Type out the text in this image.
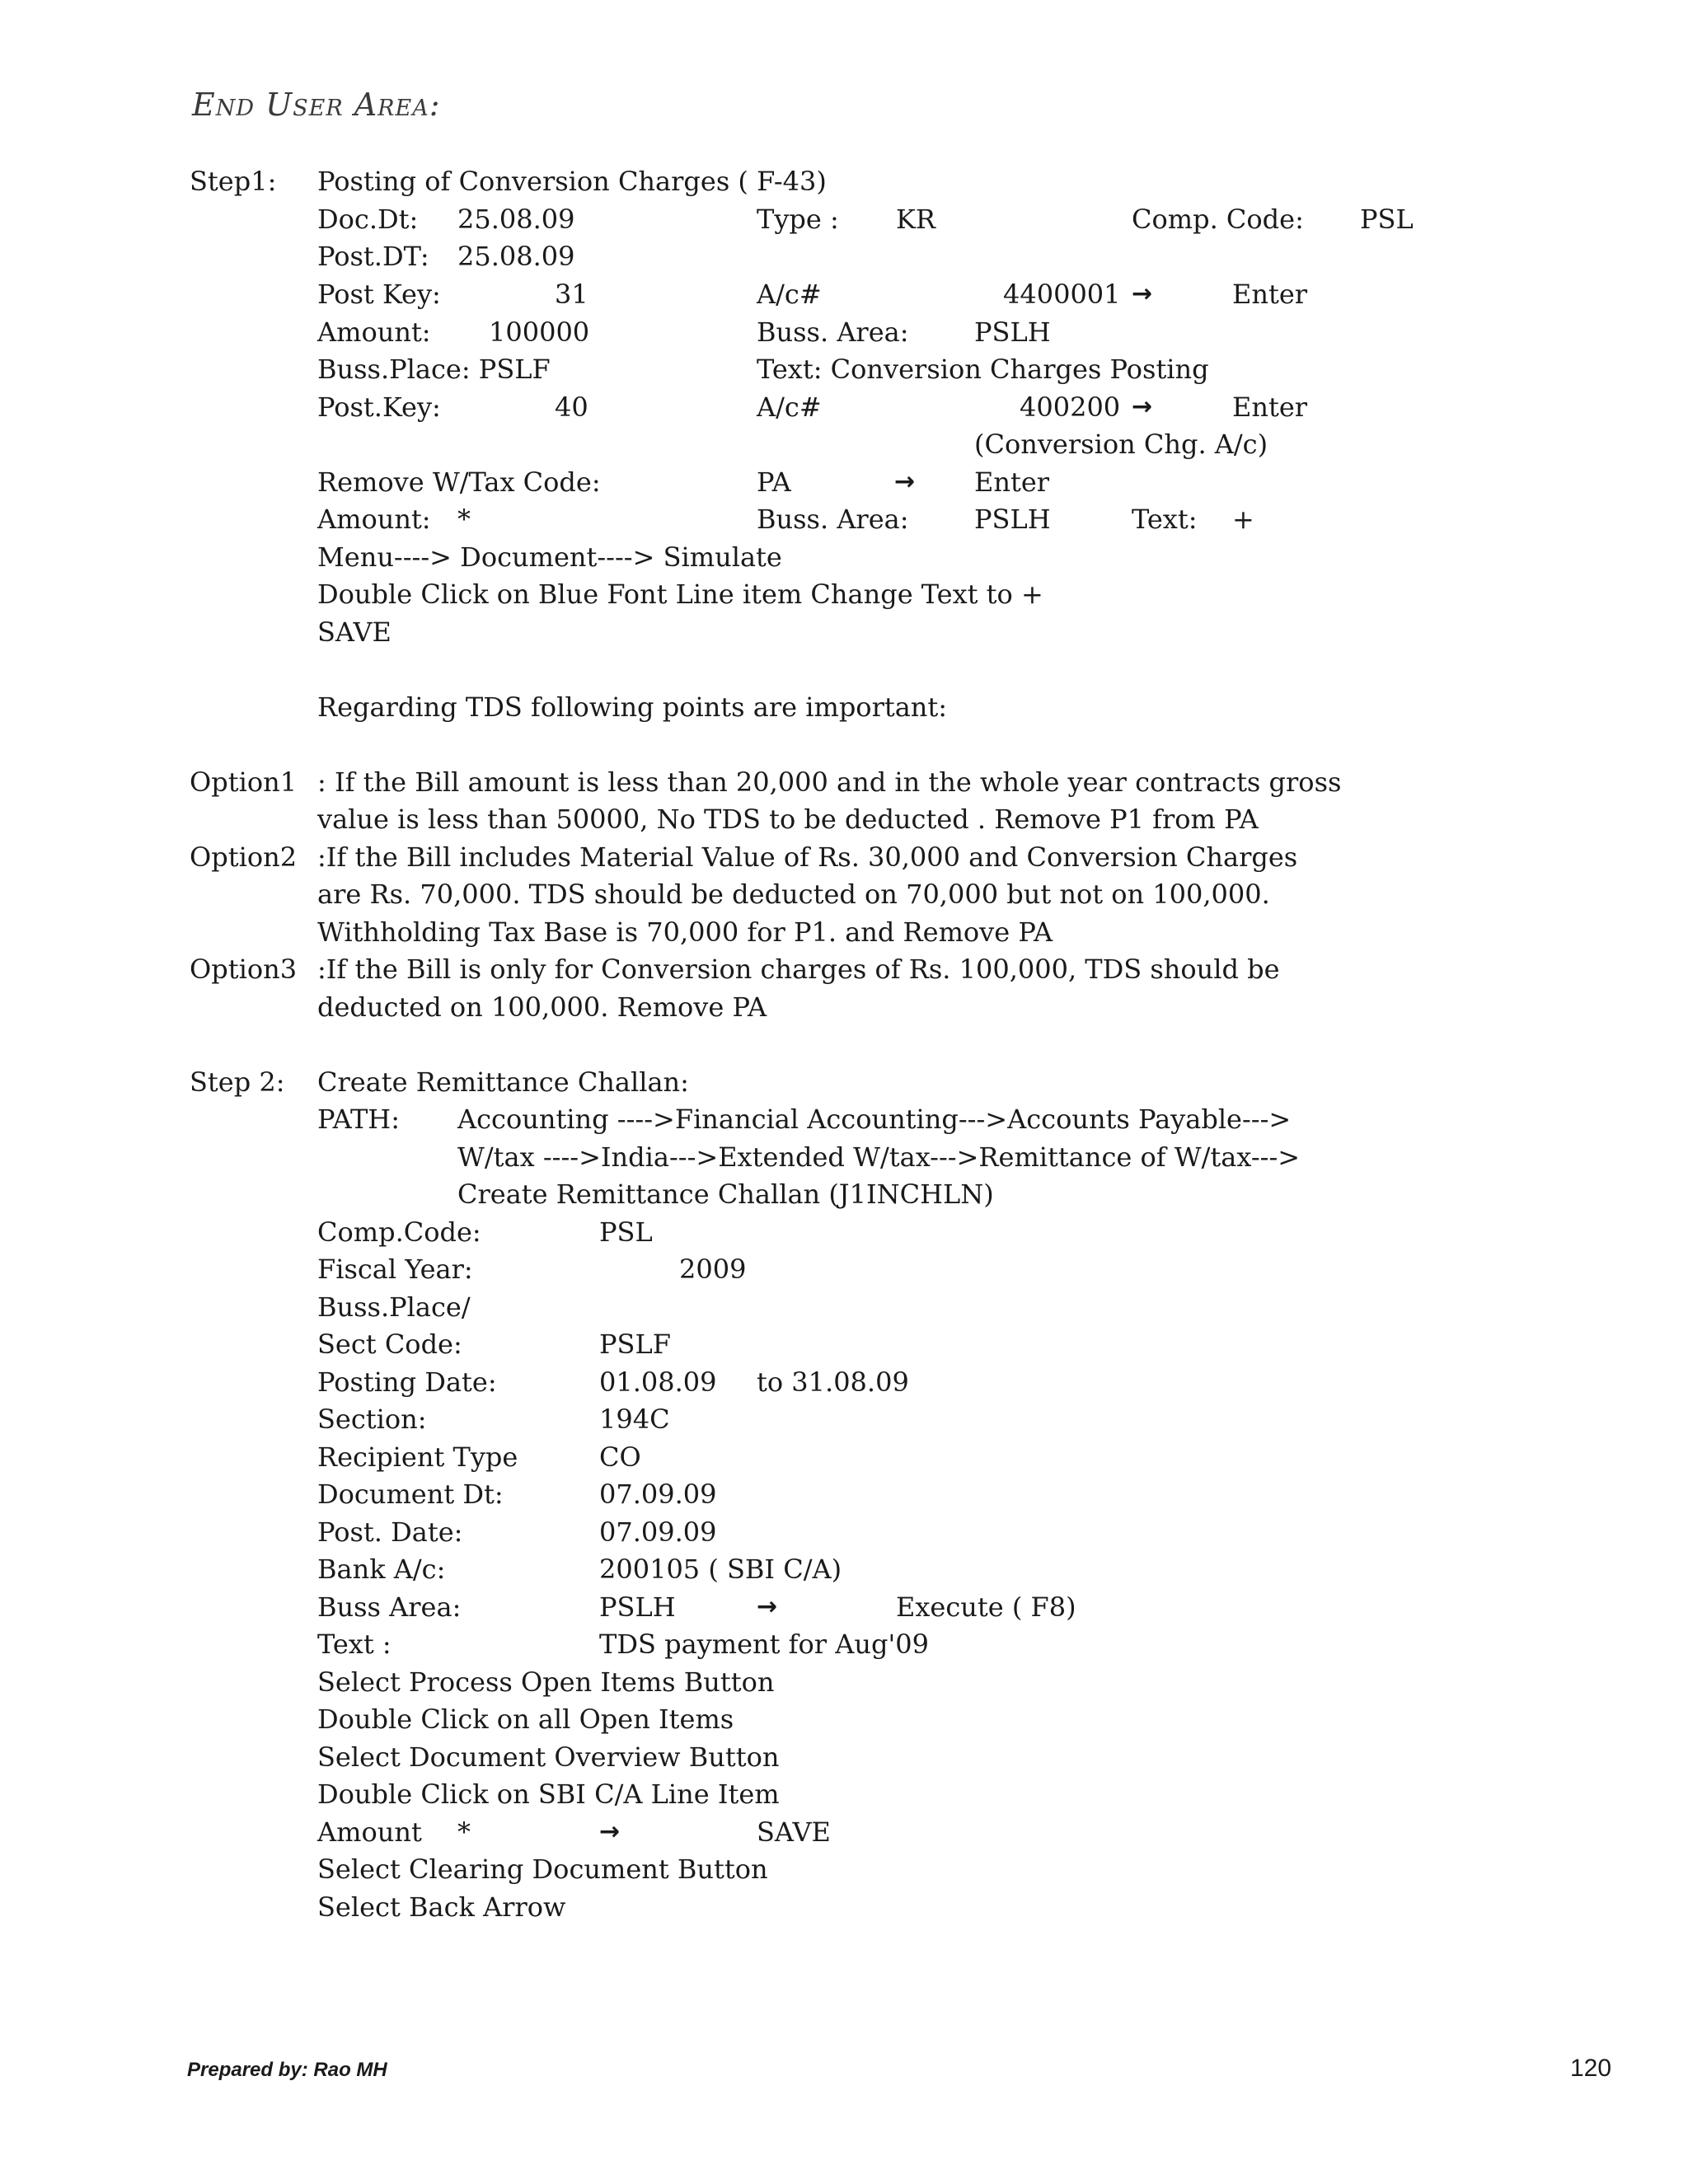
End User Area:
Step1: Posting of Conversion Charges ( F-43)
Doc.Dt: 25.08.09	Type : KR	Comp. Code: PSL
Post.DT: 25.08.09
Post Key:	31	A/c#	4400001 →	Enter
Amount: 100000	Buss. Area: PSLH
Buss.Place: PSLF	Text: Conversion Charges Posting
Post.Key:	40	A/c#	400200 →	Enter
(Conversion Chg. A/c)
Remove W/Tax Code:	PA	→ Enter
Amount: *	Buss. Area: PSLH	Text: +
Menu----> Document----> Simulate
Double Click on Blue Font Line item Change Text to +
SAVE
Regarding TDS following points are important:
Option1 : If the Bill amount is less than 20,000 and in the whole year contracts gross
value is less than 50000, No TDS to be deducted . Remove P1 from PA
Option2 :If the Bill includes Material Value of Rs. 30,000 and Conversion Charges
are Rs. 70,000. TDS should be deducted on 70,000 but not on 100,000.
Withholding Tax Base is 70,000 for P1. and Remove PA
Option3 :If the Bill is only for Conversion charges of Rs. 100,000, TDS should be
deducted on 100,000. Remove PA
Step 2: Create Remittance Challan:
PATH: Accounting ---->Financial Accounting--->Accounts Payable--->
W/tax ---->India--->Extended W/tax--->Remittance of W/tax--->
Create Remittance Challan (J1INCHLN)
Comp.Code:	PSL
Fiscal Year:	2009
Buss.Place/
Sect Code:	PSLF
Posting Date:	01.08.09 to 31.08.09
Section:	194C
Recipient Type	CO
Document Dt:	07.09.09
Post. Date:	07.09.09
Bank A/c:	200105 ( SBI C/A)
Buss Area:	PSLH	→	Execute ( F8)
Text :	TDS payment for Aug'09
Select Process Open Items Button
Double Click on all Open Items
Select Document Overview Button
Double Click on SBI C/A Line Item
Amount *	→	SAVE
Select Clearing Document Button
Select Back Arrow
Prepared by: Rao MH	120
